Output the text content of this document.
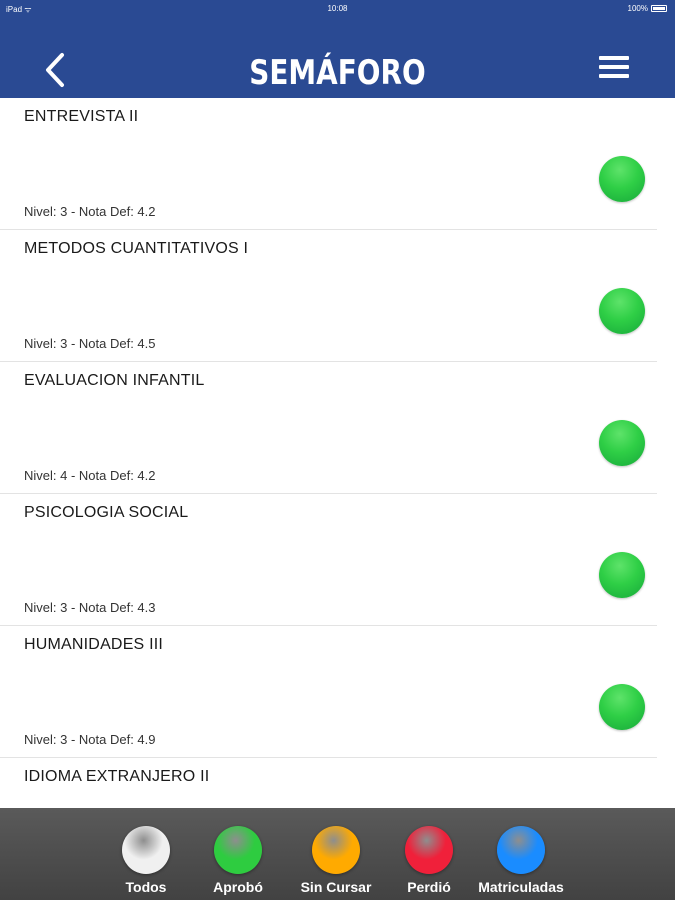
iPad ᯤ	10:08	100%
SEMÁFORO
ENTREVISTA II
Nivel: 3 - Nota Def: 4.2
METODOS CUANTITATIVOS I
Nivel: 3 - Nota Def: 4.5
EVALUACION INFANTIL
Nivel: 4 - Nota Def: 4.2
PSICOLOGIA SOCIAL
Nivel: 3 - Nota Def: 4.3
HUMANIDADES III
Nivel: 3 - Nota Def: 4.9
IDIOMA EXTRANJERO II
Todos	Aprobó	Sin Cursar	Perdió	Matriculadas
